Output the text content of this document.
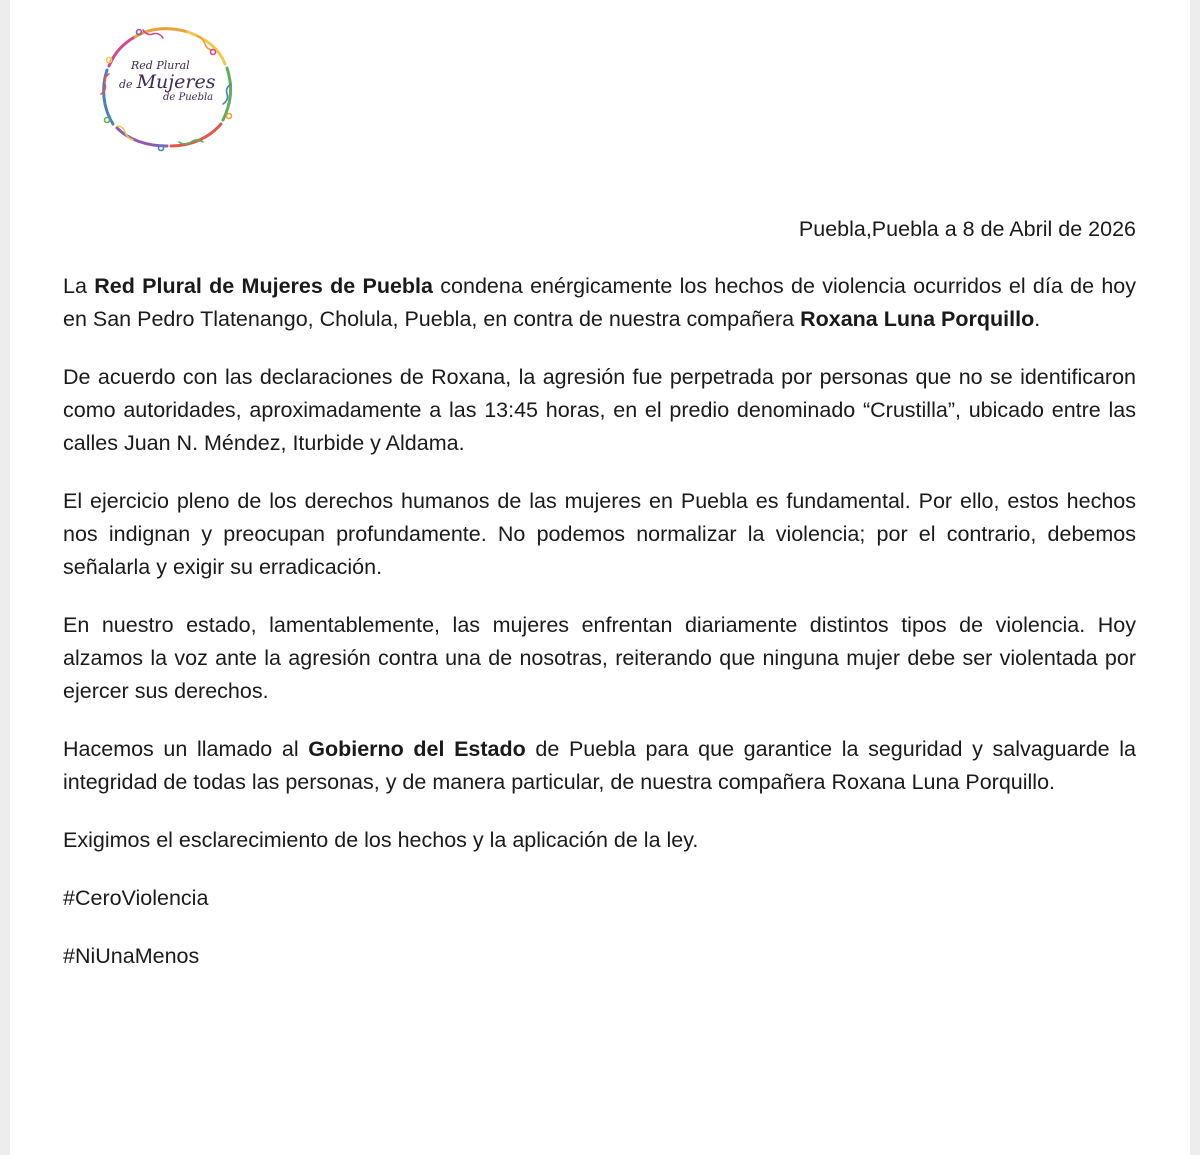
Red Plural
de Mujeres
de Puebla

Puebla,Puebla a 8 de Abril de 2026

La Red Plural de Mujeres de Puebla condena enérgicamente los hechos de violencia ocurridos el día de hoy en San Pedro Tlatenango, Cholula, Puebla, en contra de nuestra compañera Roxana Luna Porquillo.

De acuerdo con las declaraciones de Roxana, la agresión fue perpetrada por personas que no se identificaron como autoridades, aproximadamente a las 13:45 horas, en el predio denominado “Crustilla”, ubicado entre las calles Juan N. Méndez, Iturbide y Aldama.

El ejercicio pleno de los derechos humanos de las mujeres en Puebla es fundamental. Por ello, estos hechos nos indignan y preocupan profundamente. No podemos normalizar la violencia; por el contrario, debemos señalarla y exigir su erradicación.

En nuestro estado, lamentablemente, las mujeres enfrentan diariamente distintos tipos de violencia. Hoy alzamos la voz ante la agresión contra una de nosotras, reiterando que ninguna mujer debe ser violentada por ejercer sus derechos.

Hacemos un llamado al Gobierno del Estado de Puebla para que garantice la seguridad y salvaguarde la integridad de todas las personas, y de manera particular, de nuestra compañera Roxana Luna Porquillo.

Exigimos el esclarecimiento de los hechos y la aplicación de la ley.

#CeroViolencia

#NiUnaMenos
